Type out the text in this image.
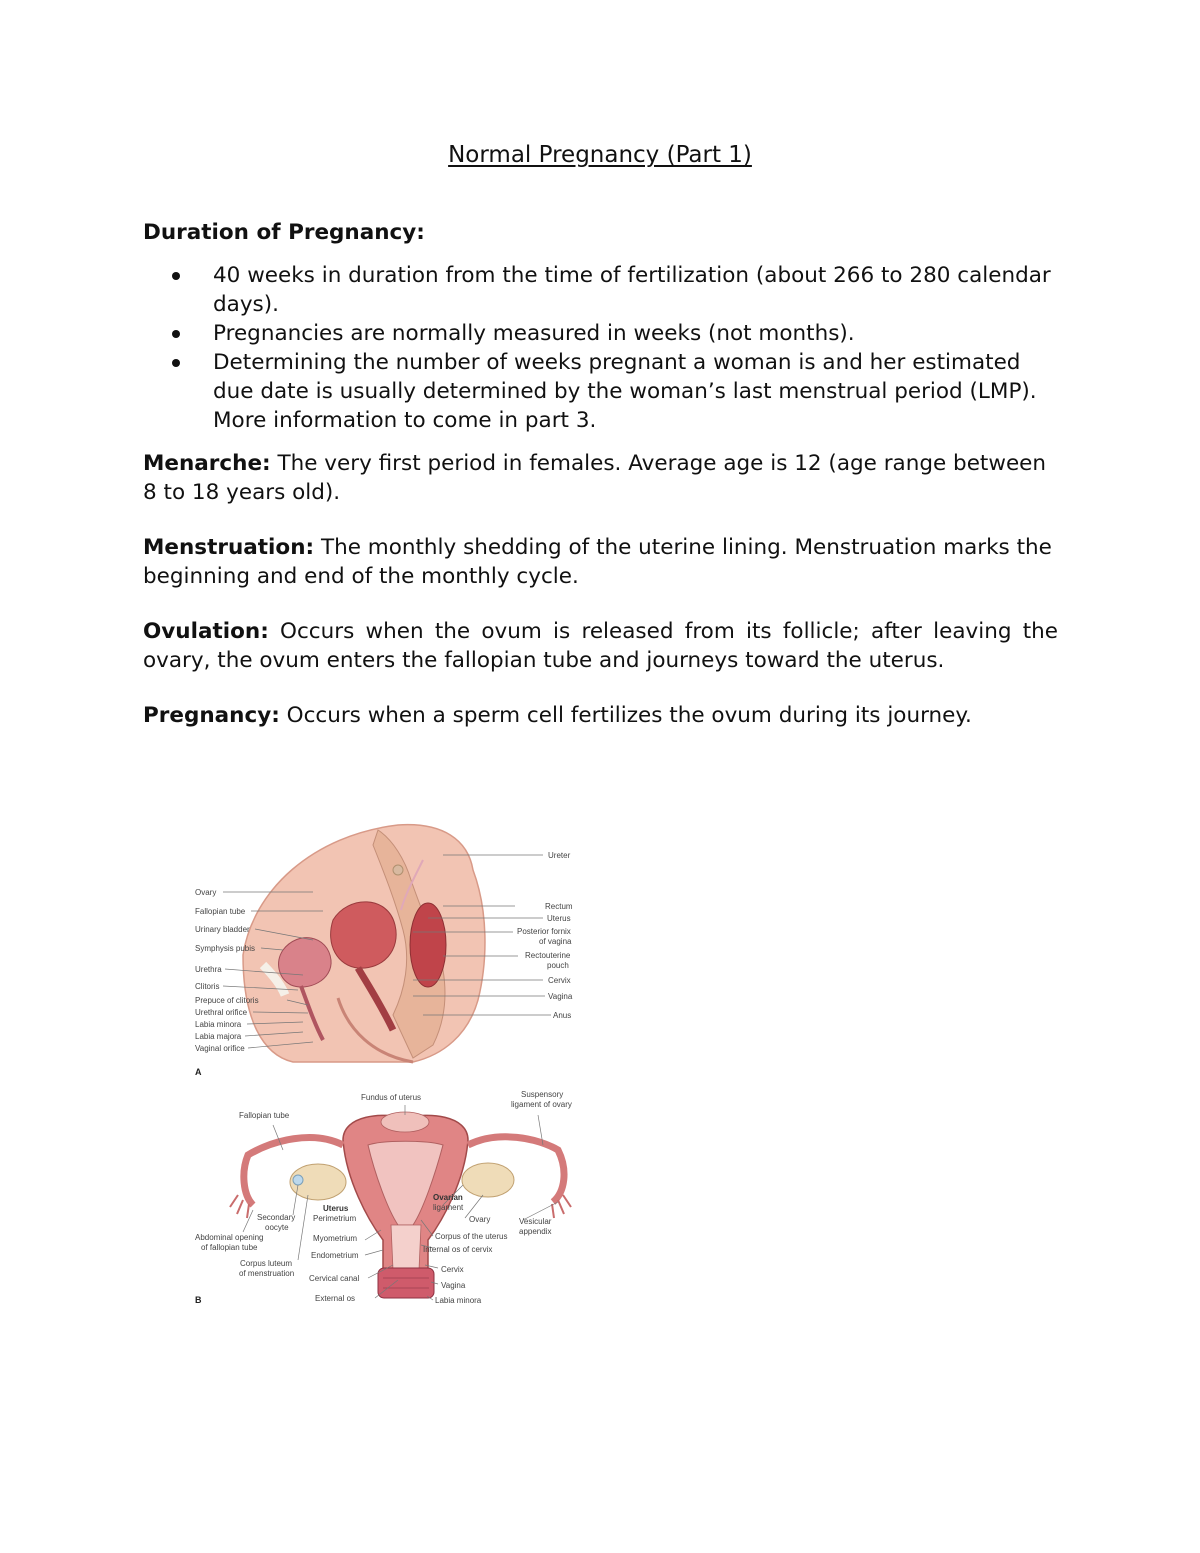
Normal Pregnancy (Part 1)
Duration of Pregnancy:
40 weeks in duration from the time of fertilization (about 266 to 280 calendar days).
Pregnancies are normally measured in weeks (not months).
Determining the number of weeks pregnant a woman is and her estimated due date is usually determined by the woman’s last menstrual period (LMP). More information to come in part 3.

Menarche: The very first period in females. Average age is 12 (age range between 8 to 18 years old).

Menstruation: The monthly shedding of the uterine lining. Menstruation marks the beginning and end of the monthly cycle.

Ovulation: Occurs when the ovum is released from its follicle; after leaving the ovary, the ovum enters the fallopian tube and journeys toward the uterus.

Pregnancy: Occurs when a sperm cell fertilizes the ovum during its journey.

Ovary
Fallopian tube
Urinary bladder
Symphysis pubis
Urethra
Clitoris
Prepuce of clitoris
Urethral orifice
Labia minora
Labia majora
Vaginal orifice
Ureter
Rectum
Uterus
Posterior fornix
of vagina
Rectouterine
pouch
Cervix
Vagina
Anus
A
Fallopian tube
Fundus of uterus	Suspensory
ligament of ovary
Secondary
oocyte
Abdominal opening
of fallopian tube
Corpus luteum
of menstruation
Uterus
Perimetrium
Myometrium
Endometrium
Cervical canal
External os
Ovarian
ligament
Ovary	Vesicular
appendix
Corpus of the uterus
Internal os of cervix
Cervix
Vagina
Labia minora
B
